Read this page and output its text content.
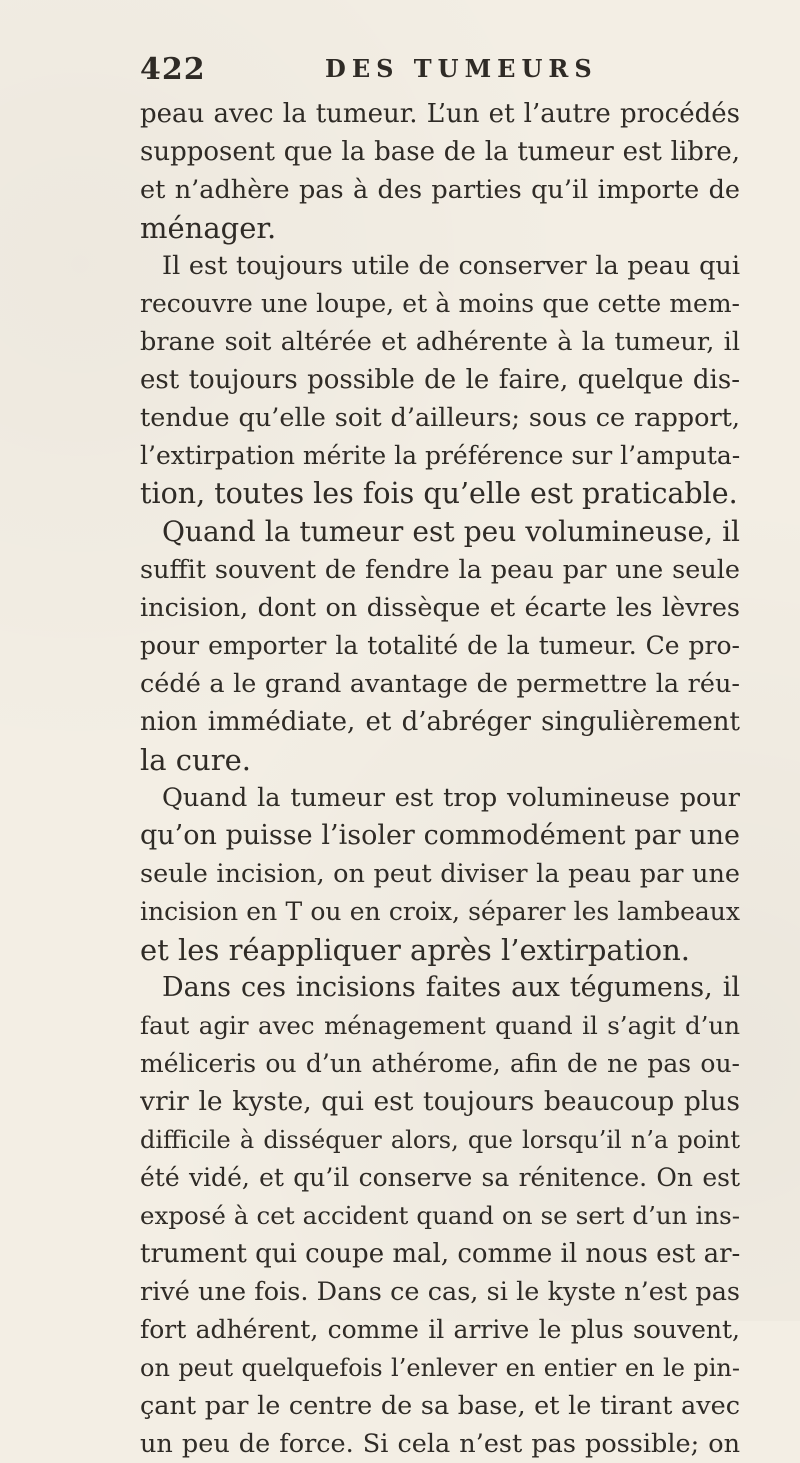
422	DES TUMEURS
peau avec la tumeur. L’un et l’autre procédés
supposent que la base de la tumeur est libre,
et n’adhère pas à des parties qu’il importe de
ménager.
Il est toujours utile de conserver la peau qui
recouvre une loupe, et à moins que cette mem-
brane soit altérée et adhérente à la tumeur, il
est toujours possible de le faire, quelque dis-
tendue qu’elle soit d’ailleurs; sous ce rapport,
l’extirpation mérite la préférence sur l’amputa-
tion, toutes les fois qu’elle est praticable.
Quand la tumeur est peu volumineuse, il
suffit souvent de fendre la peau par une seule
incision, dont on dissèque et écarte les lèvres
pour emporter la totalité de la tumeur. Ce pro-
cédé a le grand avantage de permettre la réu-
nion immédiate, et d’abréger singulièrement
la cure.
Quand la tumeur est trop volumineuse pour
qu’on puisse l’isoler commodément par une
seule incision, on peut diviser la peau par une
incision en T ou en croix, séparer les lambeaux
et les réappliquer après l’extirpation.
Dans ces incisions faites aux tégumens, il
faut agir avec ménagement quand il s’agit d’un
méliceris ou d’un athérome, afin de ne pas ou-
vrir le kyste, qui est toujours beaucoup plus
difficile à disséquer alors, que lorsqu’il n’a point
été vidé, et qu’il conserve sa rénitence. On est
exposé à cet accident quand on se sert d’un ins-
trument qui coupe mal, comme il nous est ar-
rivé une fois. Dans ce cas, si le kyste n’est pas
fort adhérent, comme il arrive le plus souvent,
on peut quelquefois l’enlever en entier en le pin-
çant par le centre de sa base, et le tirant avec
un peu de force. Si cela n’est pas possible; on
